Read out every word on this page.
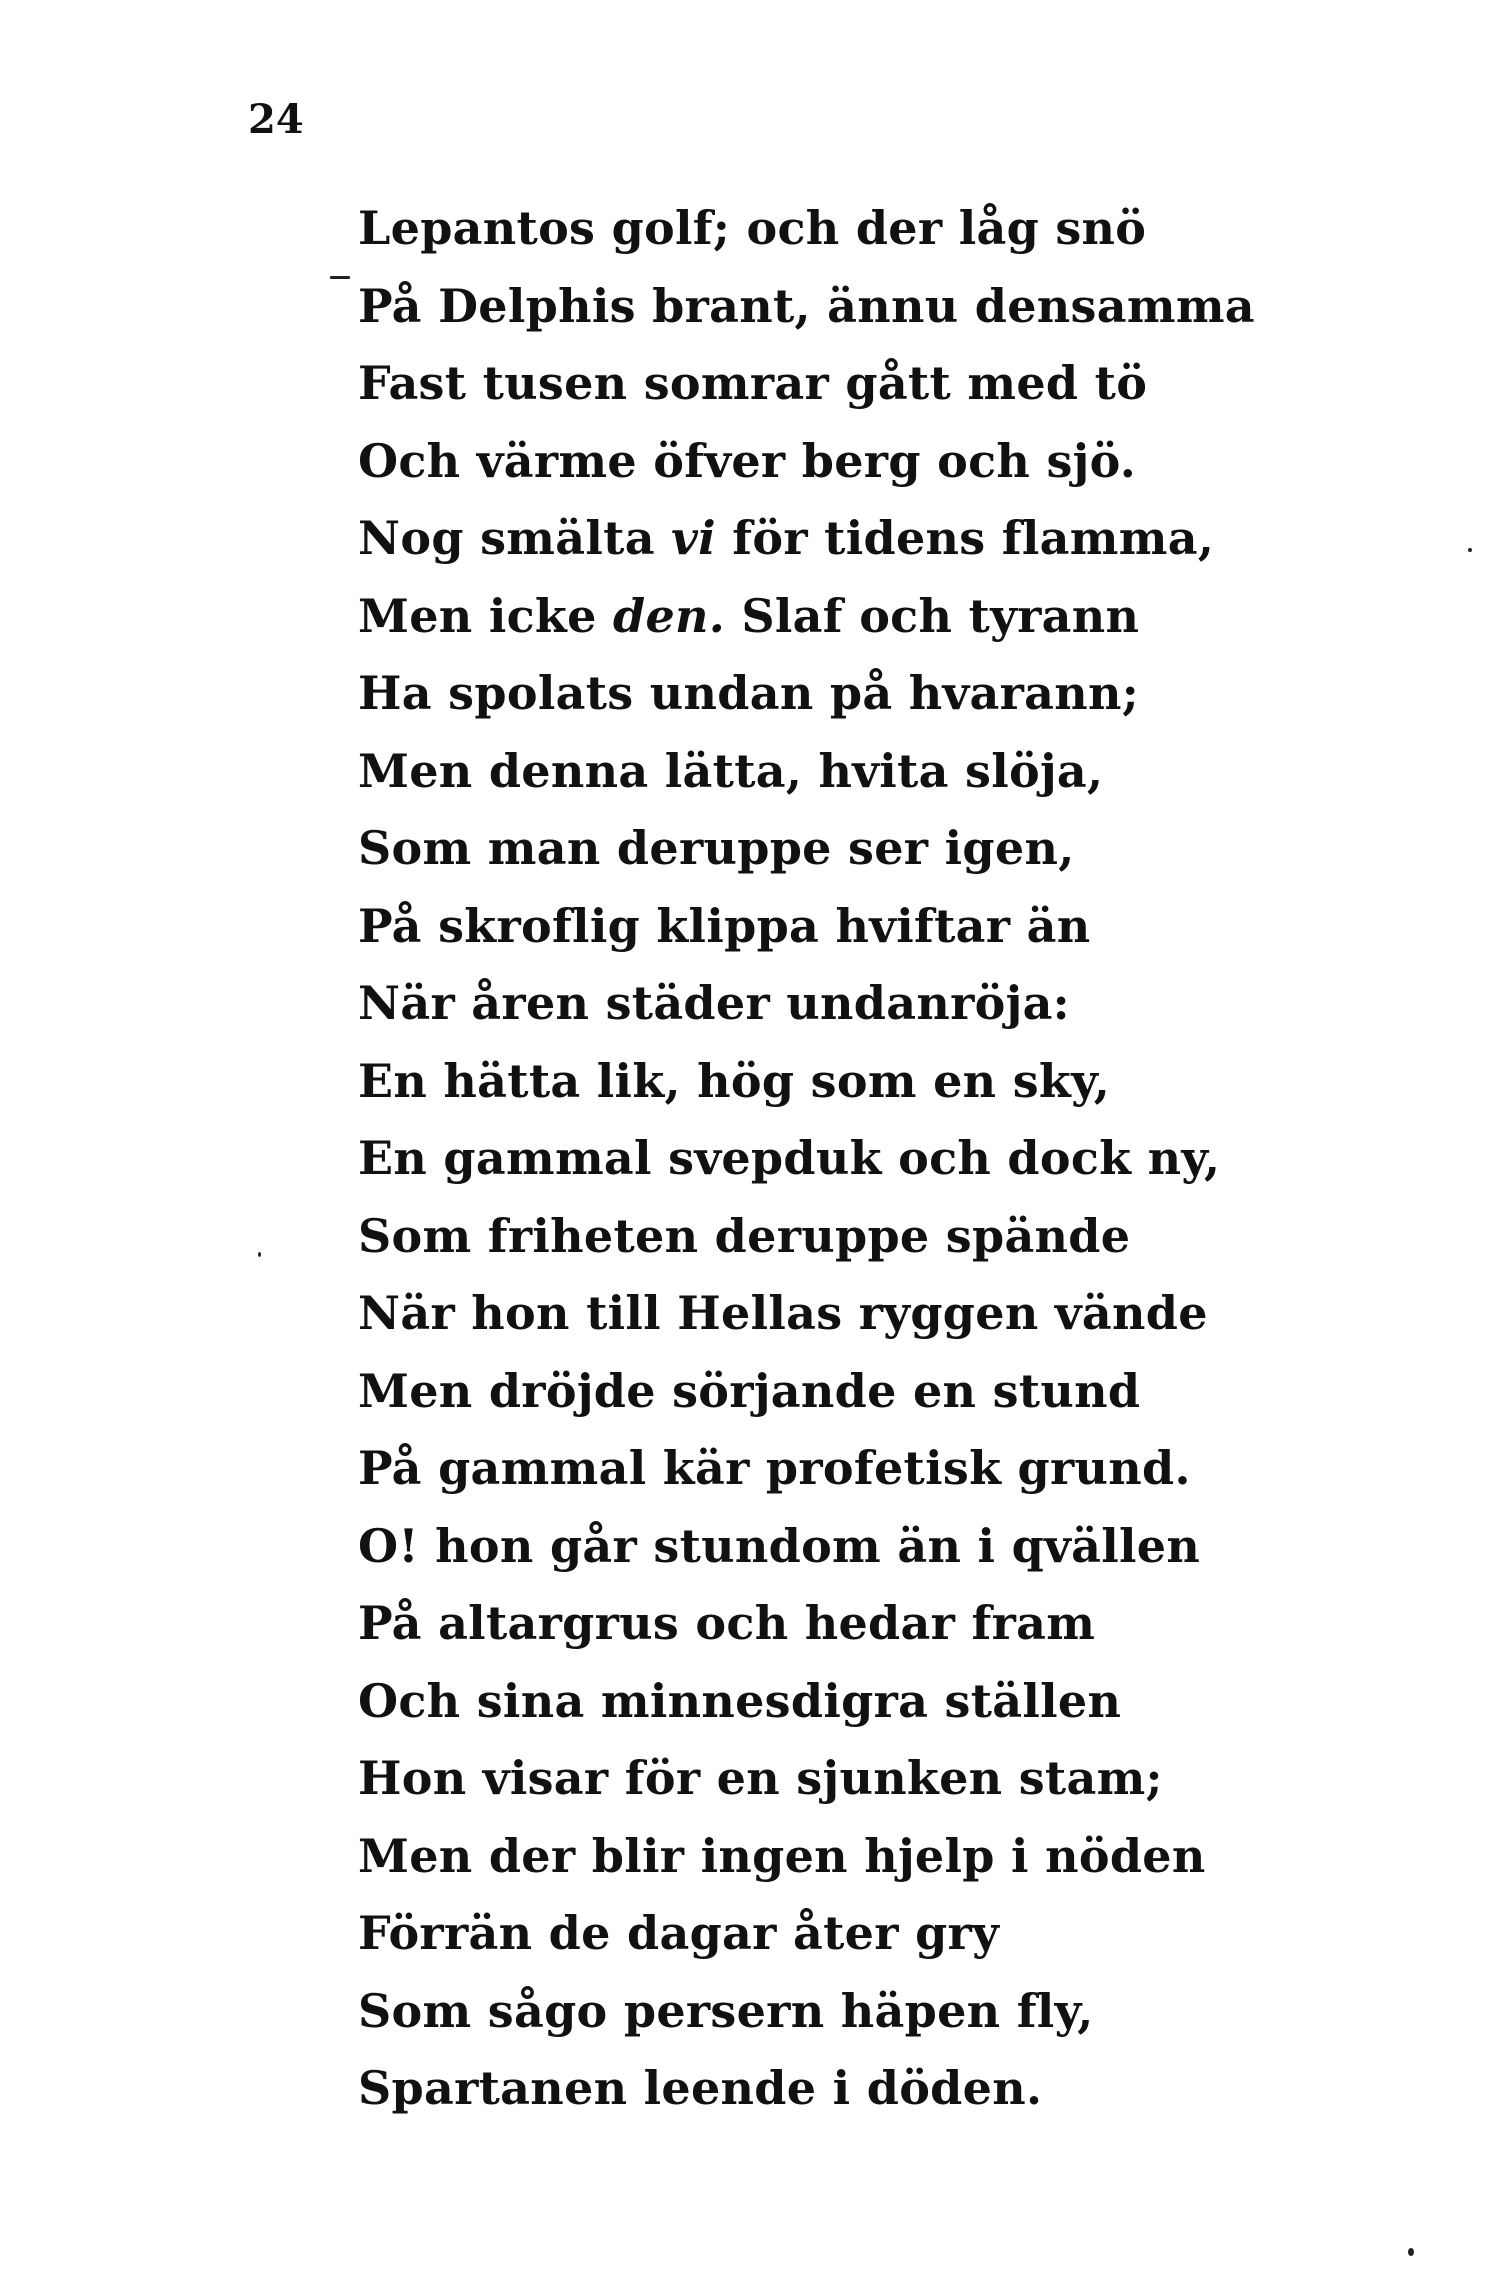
24
Lepantos golf; och der låg snö
På Delphis brant, ännu densamma
Fast tusen somrar gått med tö
Och värme öfver berg och sjö.
Nog smälta vi för tidens flamma,
Men icke den. Slaf och tyrann
Ha spolats undan på hvarann;
Men denna lätta, hvita slöja,
Som man deruppe ser igen,
På skroflig klippa hviftar än
När åren städer undanröja:
En hätta lik, hög som en sky,
En gammal svepduk och dock ny,
Som friheten deruppe spände
När hon till Hellas ryggen vände
Men dröjde sörjande en stund
På gammal kär profetisk grund.
O! hon går stundom än i qvällen
På altargrus och hedar fram
Och sina minnesdigra ställen
Hon visar för en sjunken stam;
Men der blir ingen hjelp i nöden
Förrän de dagar åter gry
Som sågo persern häpen fly,
Spartanen leende i döden.
